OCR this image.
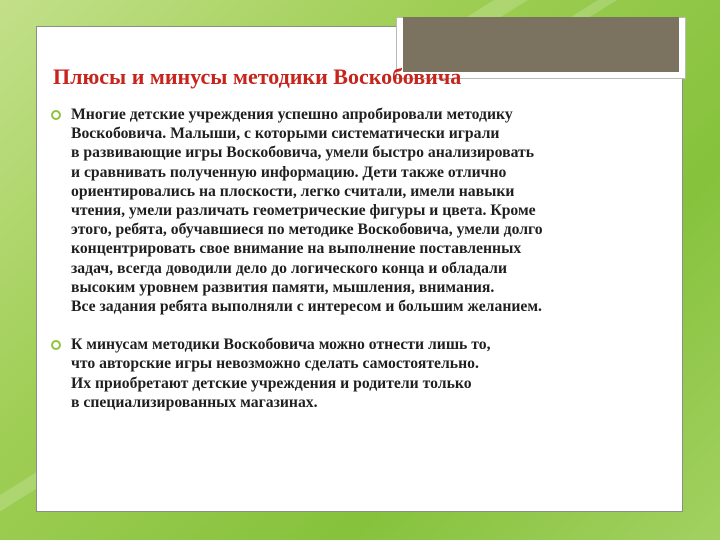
Плюсы и минусы методики Воскобовича
Многие детские учреждения успешно апробировали методику
Воскобовича. Малыши, с которыми систематически играли
в развивающие игры Воскобовича, умели быстро анализировать
и сравнивать полученную информацию. Дети также отлично
ориентировались на плоскости, легко считали, имели навыки
чтения, умели различать геометрические фигуры и цвета. Кроме
этого, ребята, обучавшиеся по методике Воскобовича, умели долго
концентрировать свое внимание на выполнение поставленных
задач, всегда доводили дело до логического конца и обладали
высоким уровнем развития памяти, мышления, внимания.
Все задания ребята выполняли с интересом и большим желанием.
К минусам методики Воскобовича можно отнести лишь то,
что авторские игры невозможно сделать самостоятельно.
Их приобретают детские учреждения и родители только
в специализированных магазинах.
